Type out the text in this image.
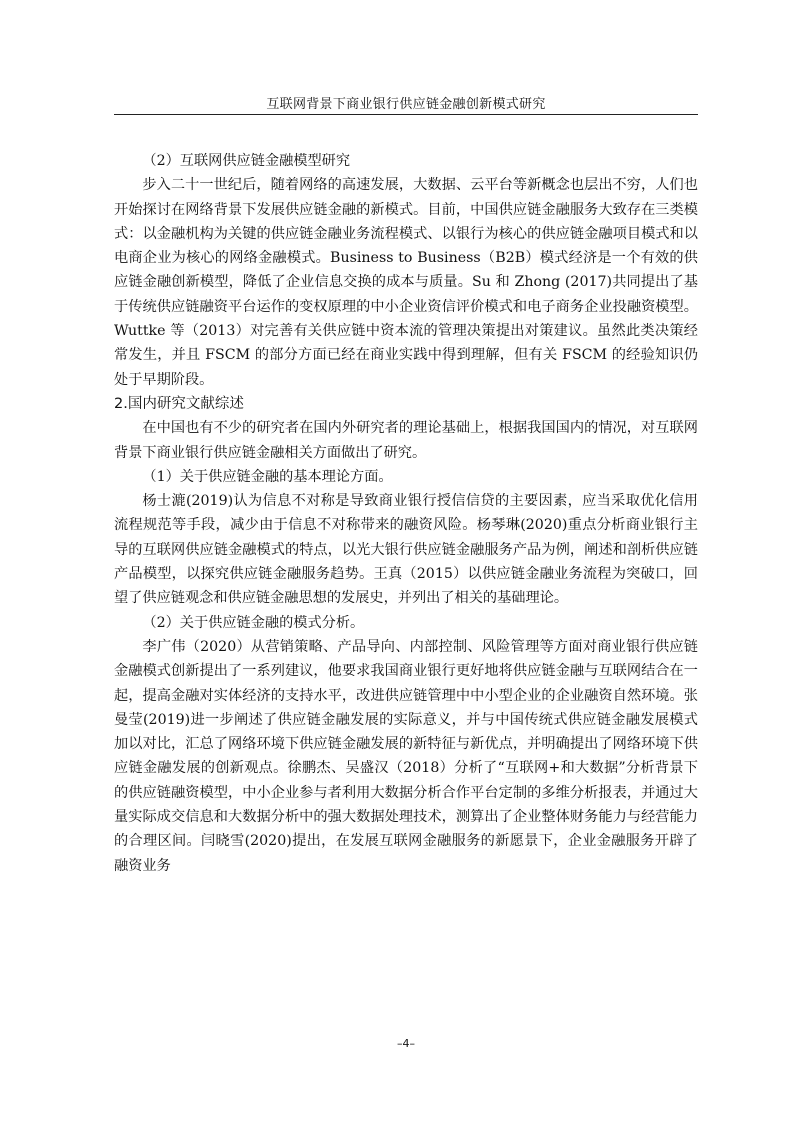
互联网背景下商业银行供应链金融创新模式研究

（2）互联网供应链金融模型研究

步入二十一世纪后，随着网络的高速发展，大数据、云平台等新概念也层出不穷，人们也开始探讨在网络背景下发展供应链金融的新模式。目前，中国供应链金融服务大致存在三类模式：以金融机构为关键的供应链金融业务流程模式、以银行为核心的供应链金融项目模式和以电商企业为核心的网络金融模式。Business to Business（B2B）模式经济是一个有效的供应链金融创新模型，降低了企业信息交换的成本与质量。Su 和 Zhong (2017)共同提出了基于传统供应链融资平台运作的变权原理的中小企业资信评价模式和电子商务企业投融资模型。Wuttke 等（2013）对完善有关供应链中资本流的管理决策提出对策建议。虽然此类决策经常发生，并且 FSCM 的部分方面已经在商业实践中得到理解，但有关 FSCM 的经验知识仍处于早期阶段。

2.国内研究文献综述

在中国也有不少的研究者在国内外研究者的理论基础上，根据我国国内的情况，对互联网背景下商业银行供应链金融相关方面做出了研究。

（1）关于供应链金融的基本理论方面。

杨士漉(2019)认为信息不对称是导致商业银行授信信贷的主要因素，应当采取优化信用流程规范等手段，减少由于信息不对称带来的融资风险。杨琴琳(2020)重点分析商业银行主导的互联网供应链金融模式的特点，以光大银行供应链金融服务产品为例，阐述和剖析供应链产品模型，以探究供应链金融服务趋势。王真（2015）以供应链金融业务流程为突破口，回望了供应链观念和供应链金融思想的发展史，并列出了相关的基础理论。

（2）关于供应链金融的模式分析。

李广伟（2020）从营销策略、产品导向、内部控制、风险管理等方面对商业银行供应链金融模式创新提出了一系列建议，他要求我国商业银行更好地将供应链金融与互联网结合在一起，提高金融对实体经济的支持水平，改进供应链管理中中小型企业的企业融资自然环境。张曼莹(2019)进一步阐述了供应链金融发展的实际意义，并与中国传统式供应链金融发展模式加以对比，汇总了网络环境下供应链金融发展的新特征与新优点，并明确提出了网络环境下供应链金融发展的创新观点。徐鹏杰、吴盛汉（2018）分析了“互联网+和大数据”分析背景下的供应链融资模型，中小企业参与者利用大数据分析合作平台定制的多维分析报表，并通过大量实际成交信息和大数据分析中的强大数据处理技术，测算出了企业整体财务能力与经营能力的合理区间。闫晓雪(2020)提出，在发展互联网金融服务的新愿景下，企业金融服务开辟了融资业务

–4–
